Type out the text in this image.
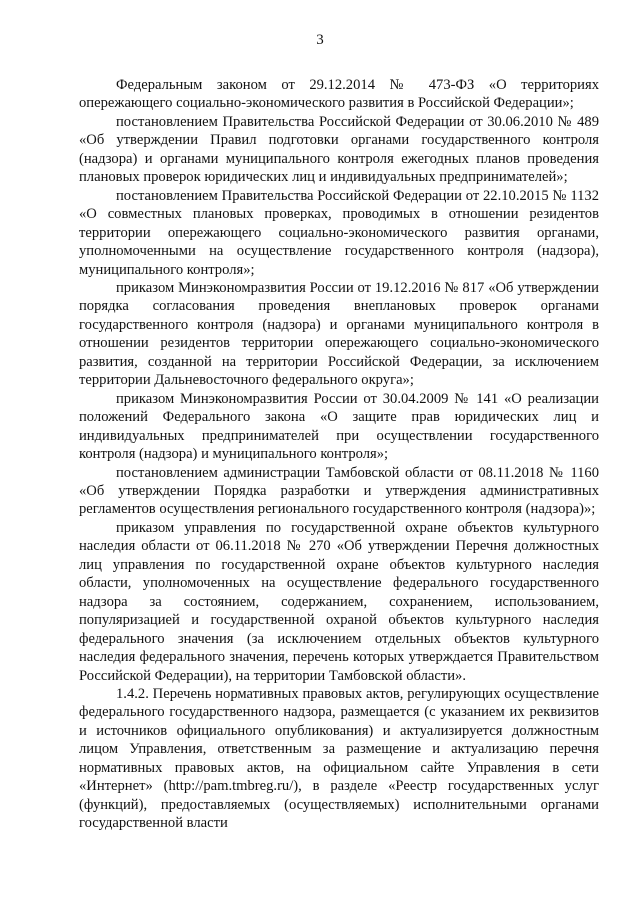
3

Федеральным законом от 29.12.2014 № 473-ФЗ «О территориях опережающего социально-экономического развития в Российской Федерации»;

постановлением Правительства Российской Федерации от 30.06.2010 № 489 «Об утверждении Правил подготовки органами государственного контроля (надзора) и органами муниципального контроля ежегодных планов проведения плановых проверок юридических лиц и индивидуальных предпринимателей»;

постановлением Правительства Российской Федерации от 22.10.2015 № 1132 «О совместных плановых проверках, проводимых в отношении резидентов территории опережающего социально-экономического развития органами, уполномоченными на осуществление государственного контроля (надзора), муниципального контроля»;

приказом Минэкономразвития России от 19.12.2016 № 817 «Об утверждении порядка согласования проведения внеплановых проверок органами государственного контроля (надзора) и органами муниципального контроля в отношении резидентов территории опережающего социально-экономического развития, созданной на территории Российской Федерации, за исключением территории Дальневосточного федерального округа»;

приказом Минэкономразвития России от 30.04.2009 № 141 «О реализации положений Федерального закона «О защите прав юридических лиц и индивидуальных предпринимателей при осуществлении государственного контроля (надзора) и муниципального контроля»;

постановлением администрации Тамбовской области от 08.11.2018 № 1160 «Об утверждении Порядка разработки и утверждения административных регламентов осуществления регионального государственного контроля (надзора)»;

приказом управления по государственной охране объектов культурного наследия области от 06.11.2018 № 270 «Об утверждении Перечня должностных лиц управления по государственной охране объектов культурного наследия области, уполномоченных на осуществление федерального государственного надзора за состоянием, содержанием, сохранением, использованием, популяризацией и государственной охраной объектов культурного наследия федерального значения (за исключением отдельных объектов культурного наследия федерального значения, перечень которых утверждается Правительством Российской Федерации), на территории Тамбовской области».

1.4.2. Перечень нормативных правовых актов, регулирующих осуществление федерального государственного надзора, размещается (с указанием их реквизитов и источников официального опубликования) и актуализируется должностным лицом Управления, ответственным за размещение и актуализацию перечня нормативных правовых актов, на официальном сайте Управления в сети «Интернет» (http://pam.tmbreg.ru/), в разделе «Реестр государственных услуг (функций), предоставляемых (осуществляемых) исполнительными органами государственной власти
